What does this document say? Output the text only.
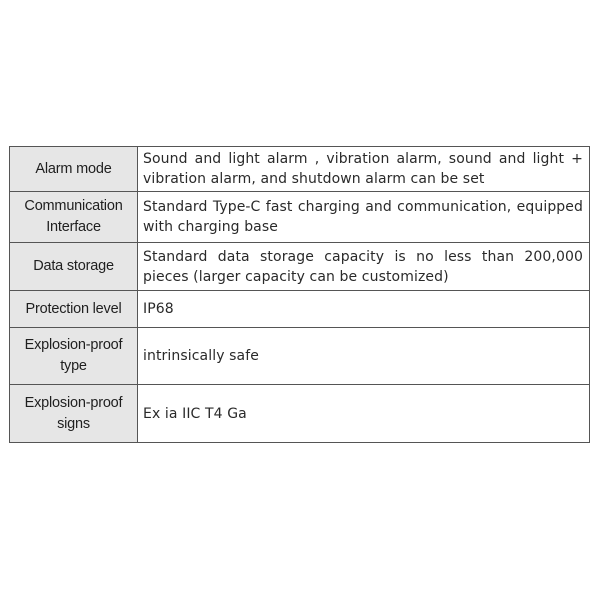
Alarm mode	Sound and light alarm , vibration alarm, sound and light + vibration alarm, and shutdown alarm can be set
Communication Interface	Standard Type-C fast charging and communication, equipped with charging base
Data storage	Standard data storage capacity is no less than 200,000 pieces (larger capacity can be customized)
Protection level	IP68
Explosion-proof type	intrinsically safe
Explosion-proof signs	Ex ia IIC T4 Ga
